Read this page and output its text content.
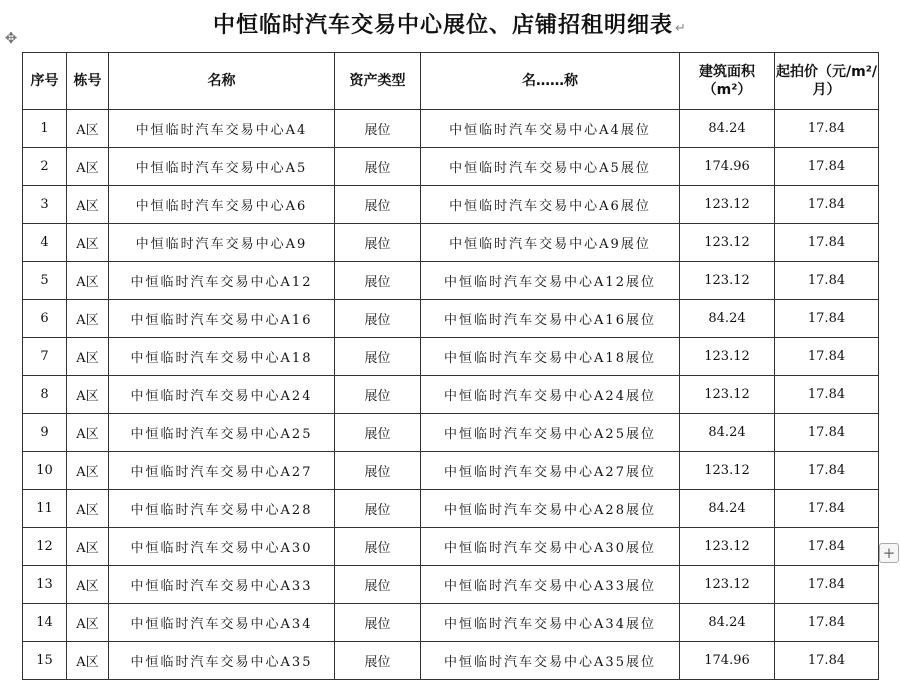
中恒临时汽车交易中心展位、店铺招租明细表 ↵
✥
序号	栋号	名称	资产类型	名……称	建筑面积（m²）	起拍价（元/m²/月）
1	A区	中恒临时汽车交易中心A4	展位	中恒临时汽车交易中心A4展位	84.24	17.84
2	A区	中恒临时汽车交易中心A5	展位	中恒临时汽车交易中心A5展位	174.96	17.84
3	A区	中恒临时汽车交易中心A6	展位	中恒临时汽车交易中心A6展位	123.12	17.84
4	A区	中恒临时汽车交易中心A9	展位	中恒临时汽车交易中心A9展位	123.12	17.84
5	A区	中恒临时汽车交易中心A12	展位	中恒临时汽车交易中心A12展位	123.12	17.84
6	A区	中恒临时汽车交易中心A16	展位	中恒临时汽车交易中心A16展位	84.24	17.84
7	A区	中恒临时汽车交易中心A18	展位	中恒临时汽车交易中心A18展位	123.12	17.84
8	A区	中恒临时汽车交易中心A24	展位	中恒临时汽车交易中心A24展位	123.12	17.84
9	A区	中恒临时汽车交易中心A25	展位	中恒临时汽车交易中心A25展位	84.24	17.84
10	A区	中恒临时汽车交易中心A27	展位	中恒临时汽车交易中心A27展位	123.12	17.84
11	A区	中恒临时汽车交易中心A28	展位	中恒临时汽车交易中心A28展位	84.24	17.84
12	A区	中恒临时汽车交易中心A30	展位	中恒临时汽车交易中心A30展位	123.12	17.84
13	A区	中恒临时汽车交易中心A33	展位	中恒临时汽车交易中心A33展位	123.12	17.84
14	A区	中恒临时汽车交易中心A34	展位	中恒临时汽车交易中心A34展位	84.24	17.84
15	A区	中恒临时汽车交易中心A35	展位	中恒临时汽车交易中心A35展位	174.96	17.84
+
